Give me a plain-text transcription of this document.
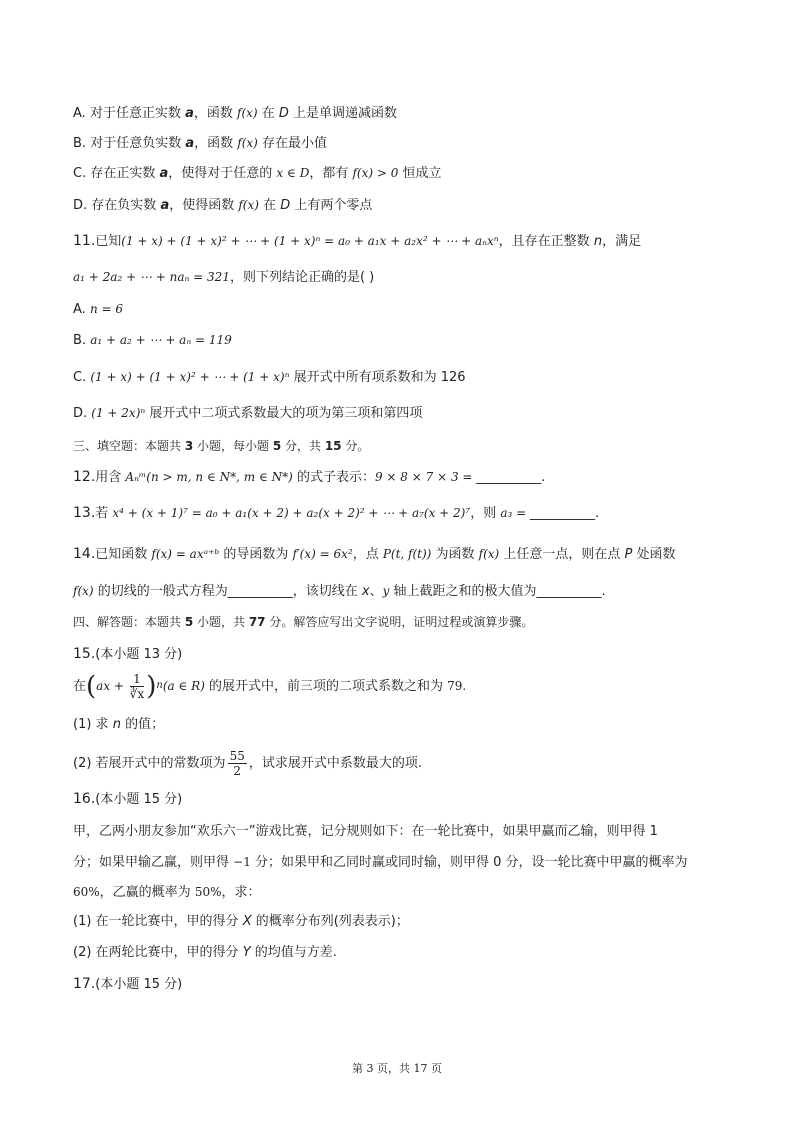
A. 对于任意正实数 a，函数 f(x) 在 D 上是单调递减函数
B. 对于任意负实数 a，函数 f(x) 存在最小值
C. 存在正实数 a，使得对于任意的 x ∈ D，都有 f(x) > 0 恒成立
D. 存在负实数 a，使得函数 f(x) 在 D 上有两个零点
11.已知(1 + x) + (1 + x)² + ⋯ + (1 + x)ⁿ = a₀ + a₁x + a₂x² + ⋯ + aₙxⁿ，且存在正整数 n，满足
a₁ + 2a₂ + ⋯ + naₙ = 321，则下列结论正确的是( )
A. n = 6
B. a₁ + a₂ + ⋯ + aₙ = 119
C. (1 + x) + (1 + x)² + ⋯ + (1 + x)ⁿ 展开式中所有项系数和为 126
D. (1 + 2x)ⁿ 展开式中二项式系数最大的项为第三项和第四项
三、填空题：本题共 3 小题，每小题 5 分，共 15 分。
12.用含 Aₙᵐ(n > m, n ∈ N*, m ∈ N*) 的式子表示：9 × 8 × 7 × 3 = __________.
13.若 x⁴ + (x + 1)⁷ = a₀ + a₁(x + 2) + a₂(x + 2)² + ⋯ + a₇(x + 2)⁷，则 a₃ = __________.
14.已知函数 f(x) = axᵃ⁺ᵇ 的导函数为 f′(x) = 6x²，点 P(t, f(t)) 为函数 f(x) 上任意一点，则在点 P 处函数
f(x) 的切线的一般式方程为__________，该切线在 x、y 轴上截距之和的极大值为__________.
四、解答题：本题共 5 小题，共 77 分。解答应写出文字说明，证明过程或演算步骤。
15.(本小题 13 分)
在$(ax + \frac{1}{∛x} )^n(a$ ∈ R) 的展开式中，前三项的二项式系数之和为 79.
(1) 求 n 的值；
(2) 若展开式中的常数项为 $\frac{55}{2}$ ，试求展开式中系数最大的项.
16.(本小题 15 分)
甲，乙两小朋友参加“欢乐六一”游戏比赛，记分规则如下：在一轮比赛中，如果甲赢而乙输，则甲得 1
分；如果甲输乙赢，则甲得 −1 分；如果甲和乙同时赢或同时输，则甲得 0 分，设一轮比赛中甲赢的概率为
60%，乙赢的概率为 50%，求：
(1) 在一轮比赛中，甲的得分 X 的概率分布列(列表表示)；
(2) 在两轮比赛中，甲的得分 Y 的均值与方差.
17.(本小题 15 分)
第 3 页，共 17 页
